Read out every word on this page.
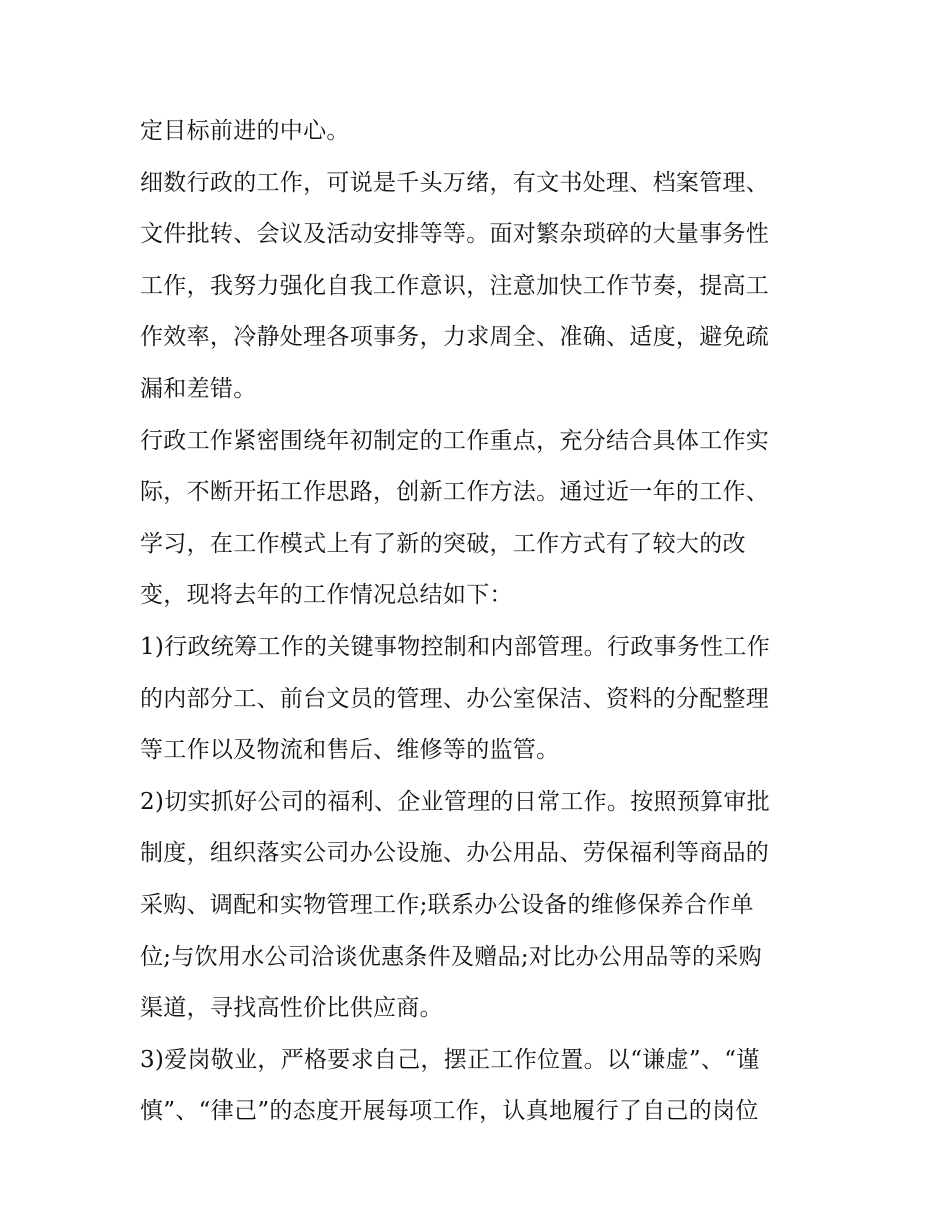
定目标前进的中心。
细数行政的工作，可说是千头万绪，有文书处理、档案管理、
文件批转、会议及活动安排等等。面对繁杂琐碎的大量事务性
工作，我努力强化自我工作意识，注意加快工作节奏，提高工
作效率，冷静处理各项事务，力求周全、准确、适度，避免疏
漏和差错。
行政工作紧密围绕年初制定的工作重点，充分结合具体工作实
际，不断开拓工作思路，创新工作方法。通过近一年的工作、
学习，在工作模式上有了新的突破，工作方式有了较大的改
变，现将去年的工作情况总结如下：
1)行政统筹工作的关键事物控制和内部管理。行政事务性工作
的内部分工、前台文员的管理、办公室保洁、资料的分配整理
等工作以及物流和售后、维修等的监管。
2)切实抓好公司的福利、企业管理的日常工作。按照预算审批
制度，组织落实公司办公设施、办公用品、劳保福利等商品的
采购、调配和实物管理工作;联系办公设备的维修保养合作单
位;与饮用水公司洽谈优惠条件及赠品;对比办公用品等的采购
渠道，寻找高性价比供应商。
3)爱岗敬业，严格要求自己，摆正工作位置。以“谦虚”、“谨
慎”、“律己”的态度开展每项工作，认真地履行了自己的岗位
